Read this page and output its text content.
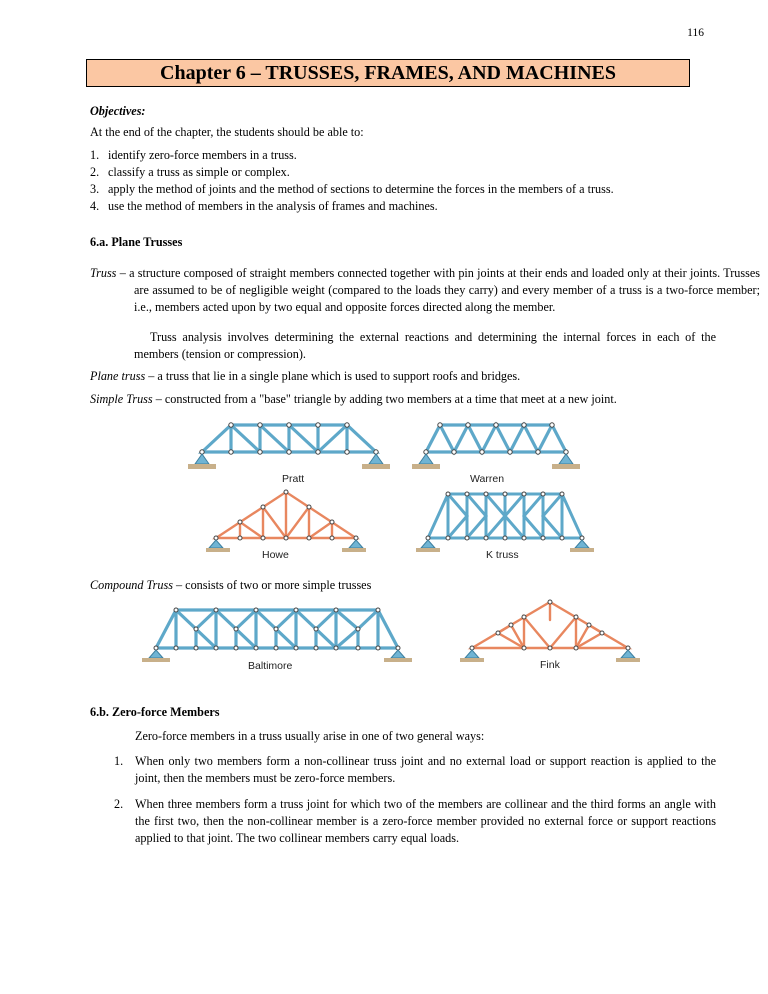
116
Chapter 6 – TRUSSES, FRAMES, AND MACHINES
Objectives:
At the end of the chapter, the students should be able to:
1. identify zero-force members in a truss.
2. classify a truss as simple or complex.
3. apply the method of joints and the method of sections to determine the forces in the members of a truss.
4. use the method of members in the analysis of frames and machines.
6.a. Plane Trusses
Truss – a structure composed of straight members connected together with pin joints at their ends and loaded only at their joints. Trusses are assumed to be of negligible weight (compared to the loads they carry) and every member of a truss is a two-force member; i.e., members acted upon by two equal and opposite forces directed along the member.
Truss analysis involves determining the external reactions and determining the internal forces in each of the members (tension or compression).
Plane truss – a truss that lie in a single plane which is used to support roofs and bridges.
Simple Truss – constructed from a "base" triangle by adding two members at a time that meet at a new joint.
Pratt	Warren
Howe	K truss
Compound Truss – consists of two or more simple trusses
Baltimore	Fink
6.b. Zero-force Members
Zero-force members in a truss usually arise in one of two general ways:
1. When only two members form a non-collinear truss joint and no external load or support reaction is applied to the joint, then the members must be zero-force members.
2. When three members form a truss joint for which two of the members are collinear and the third forms an angle with the first two, then the non-collinear member is a zero-force member provided no external force or support reactions applied to that joint. The two collinear members carry equal loads.
